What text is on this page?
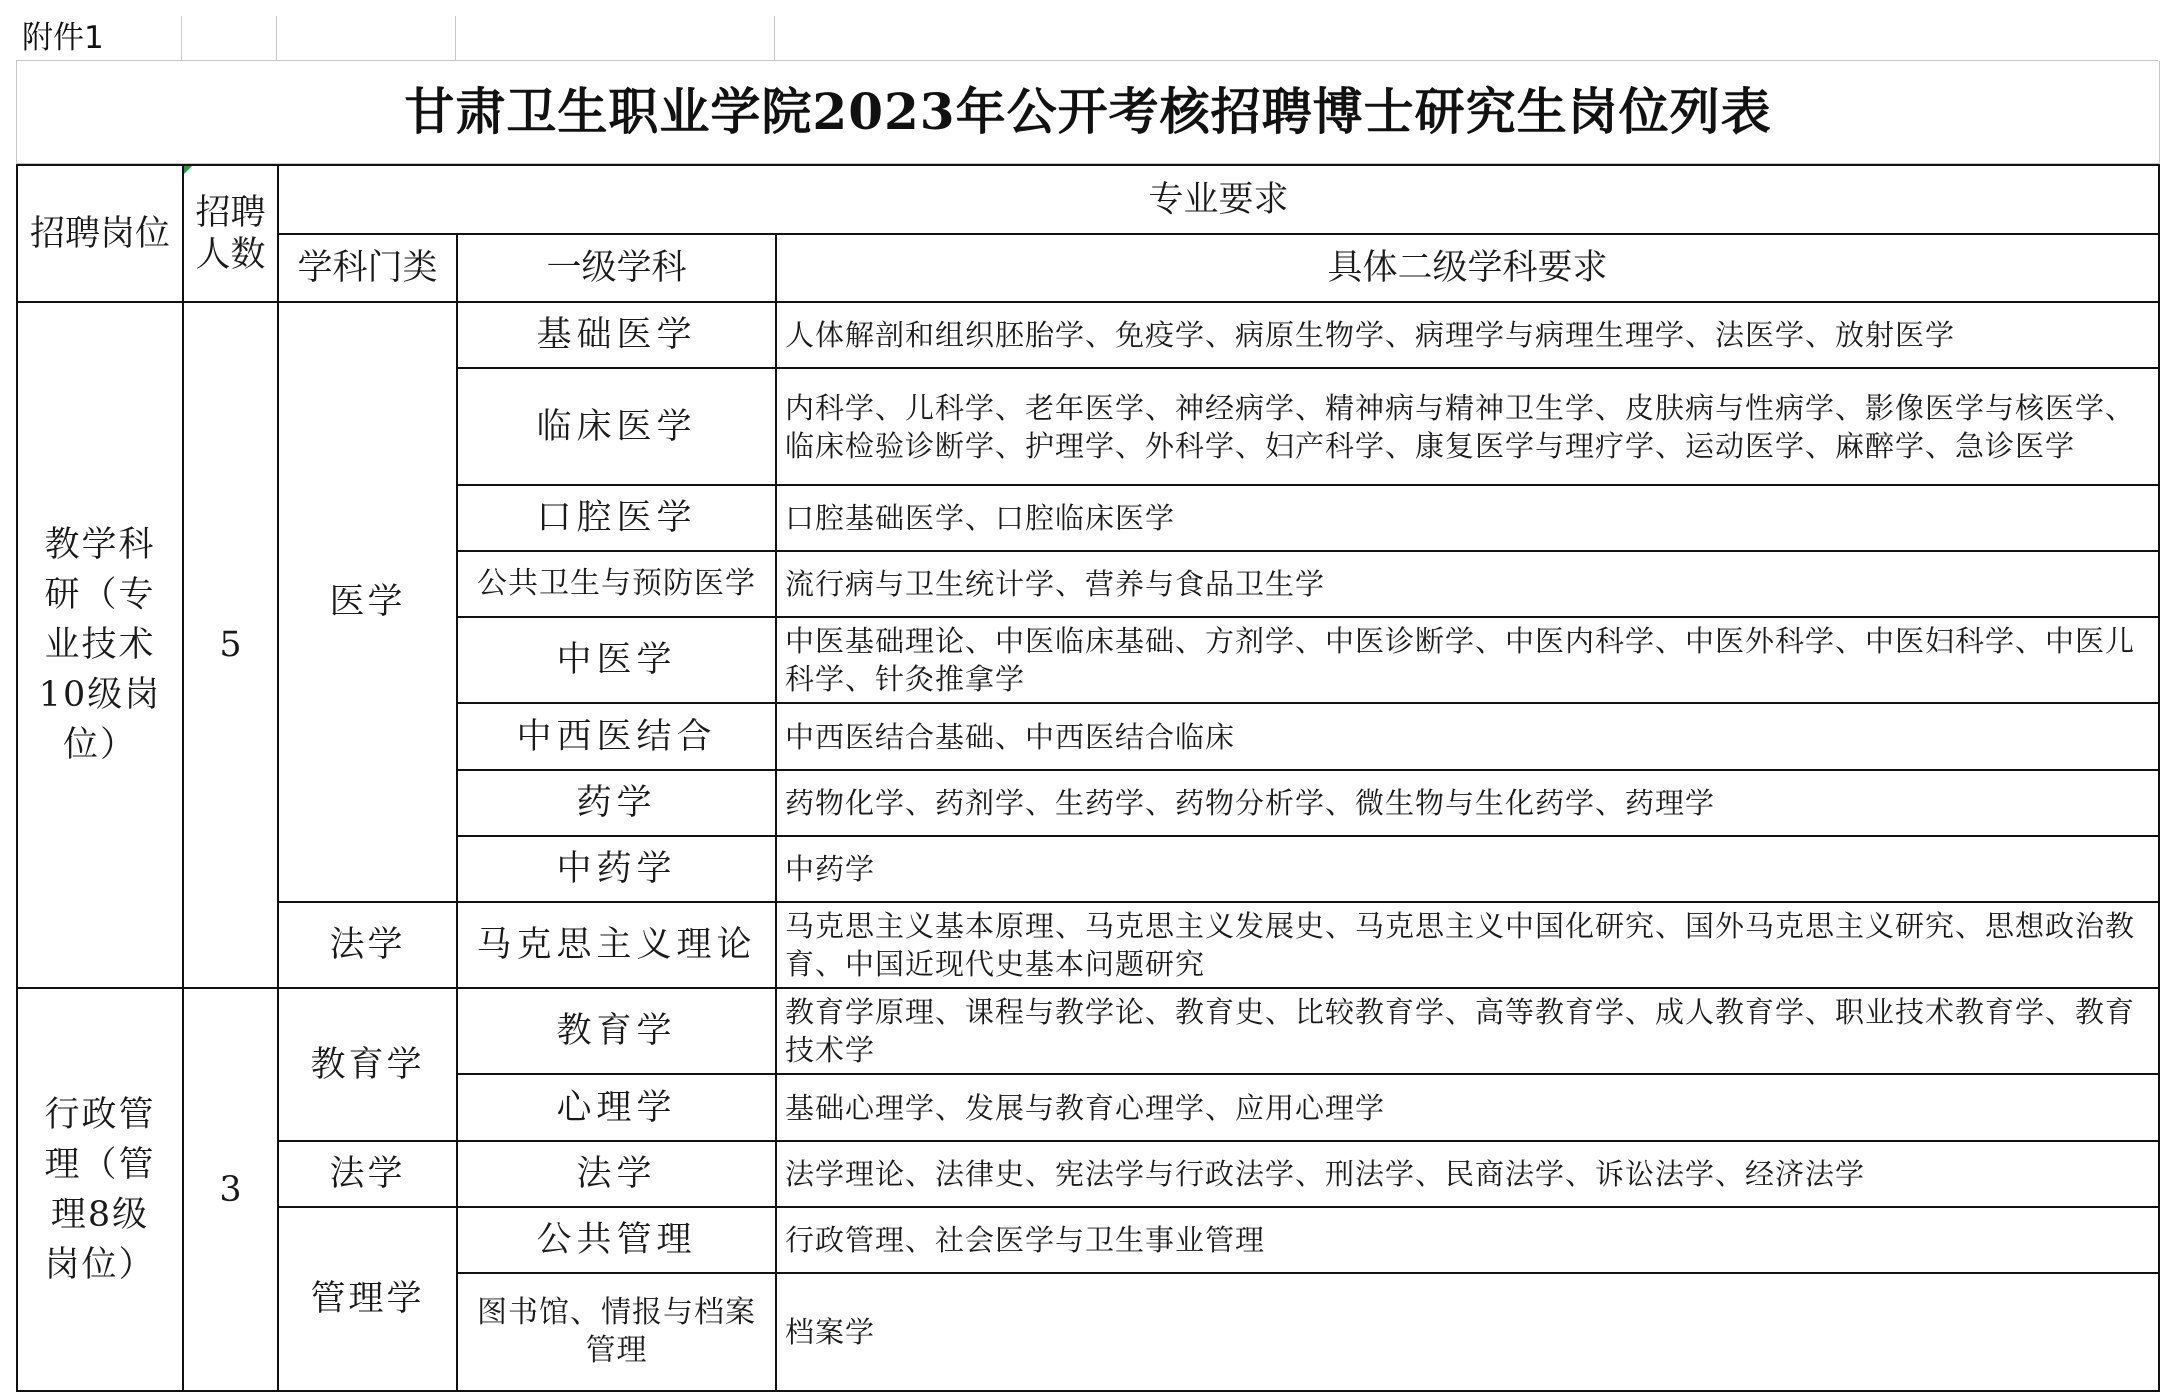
附件1
甘肃卫生职业学院2023年公开考核招聘博士研究生岗位列表
招聘岗位	招聘人数	专业要求		
		学科门类	一级学科	具体二级学科要求
教学科研（专业技术10级岗位）	5	医学	基础医学	人体解剖和组织胚胎学、免疫学、病原生物学、病理学与病理生理学、法医学、放射医学
			临床医学	内科学、儿科学、老年医学、神经病学、精神病与精神卫生学、皮肤病与性病学、影像医学与核医学、临床检验诊断学、护理学、外科学、妇产科学、康复医学与理疗学、运动医学、麻醉学、急诊医学
			口腔医学	口腔基础医学、口腔临床医学
			公共卫生与预防医学	流行病与卫生统计学、营养与食品卫生学
			中医学	中医基础理论、中医临床基础、方剂学、中医诊断学、中医内科学、中医外科学、中医妇科学、中医儿科学、针灸推拿学
			中西医结合	中西医结合基础、中西医结合临床
			药学	药物化学、药剂学、生药学、药物分析学、微生物与生化药学、药理学
			中药学	中药学
		法学	马克思主义理论	马克思主义基本原理、马克思主义发展史、马克思主义中国化研究、国外马克思主义研究、思想政治教育、中国近现代史基本问题研究
行政管理（管理8级岗位）	3	教育学	教育学	教育学原理、课程与教学论、教育史、比较教育学、高等教育学、成人教育学、职业技术教育学、教育技术学
			心理学	基础心理学、发展与教育心理学、应用心理学
		法学	法学	法学理论、法律史、宪法学与行政法学、刑法学、民商法学、诉讼法学、经济法学
		管理学	公共管理	行政管理、社会医学与卫生事业管理
			图书馆、情报与档案管理	档案学
